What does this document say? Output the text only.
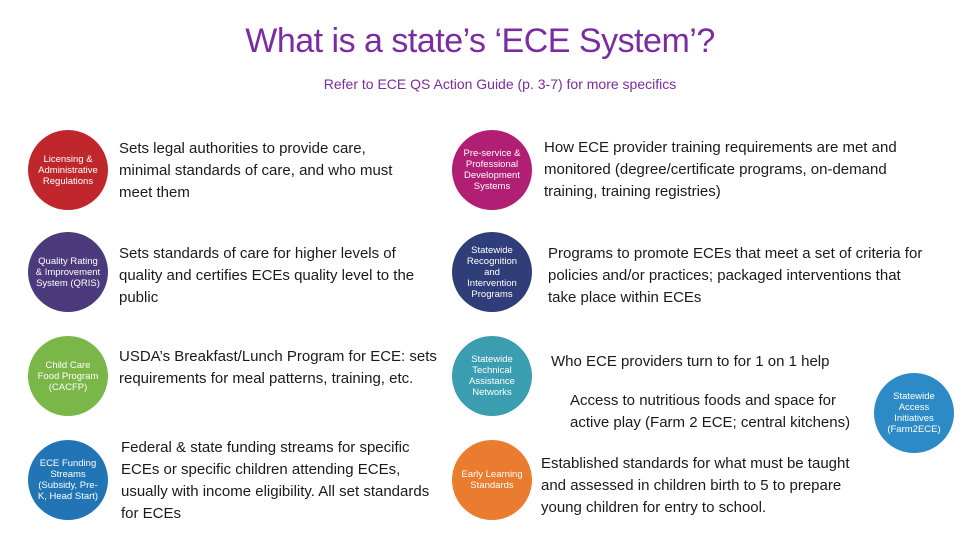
What is a state’s ‘ECE System’?
Refer to ECE QS Action Guide (p. 3-7) for more specifics
Licensing & Administrative Regulations
Sets legal authorities to provide care, minimal standards of care, and who must meet them
Quality Rating & Improvement System (QRIS)
Sets standards of care for higher levels of quality and certifies ECEs quality level to the public
Child Care Food Program (CACFP)
USDA’s Breakfast/Lunch Program for ECE: sets requirements for meal patterns, training, etc.
ECE Funding Streams (Subsidy, Pre-K, Head Start)
Federal & state funding streams for specific ECEs or specific children attending ECEs, usually with income eligibility. All set standards for ECEs
Pre-service & Professional Development Systems
How ECE provider training requirements are met and monitored (degree/certificate programs, on-demand training, training registries)
Statewide Recognition and Intervention Programs
Programs to promote ECEs that meet a set of criteria for policies and/or practices; packaged interventions that take place within ECEs
Statewide Technical Assistance Networks
Who ECE providers turn to for 1 on 1 help
Statewide Access Initiatives (Farm2ECE)
Access to nutritious foods and space for active play (Farm 2 ECE; central kitchens)
Early Learning Standards
Established standards for what must be taught and assessed in children birth to 5 to prepare young children for entry to school.
